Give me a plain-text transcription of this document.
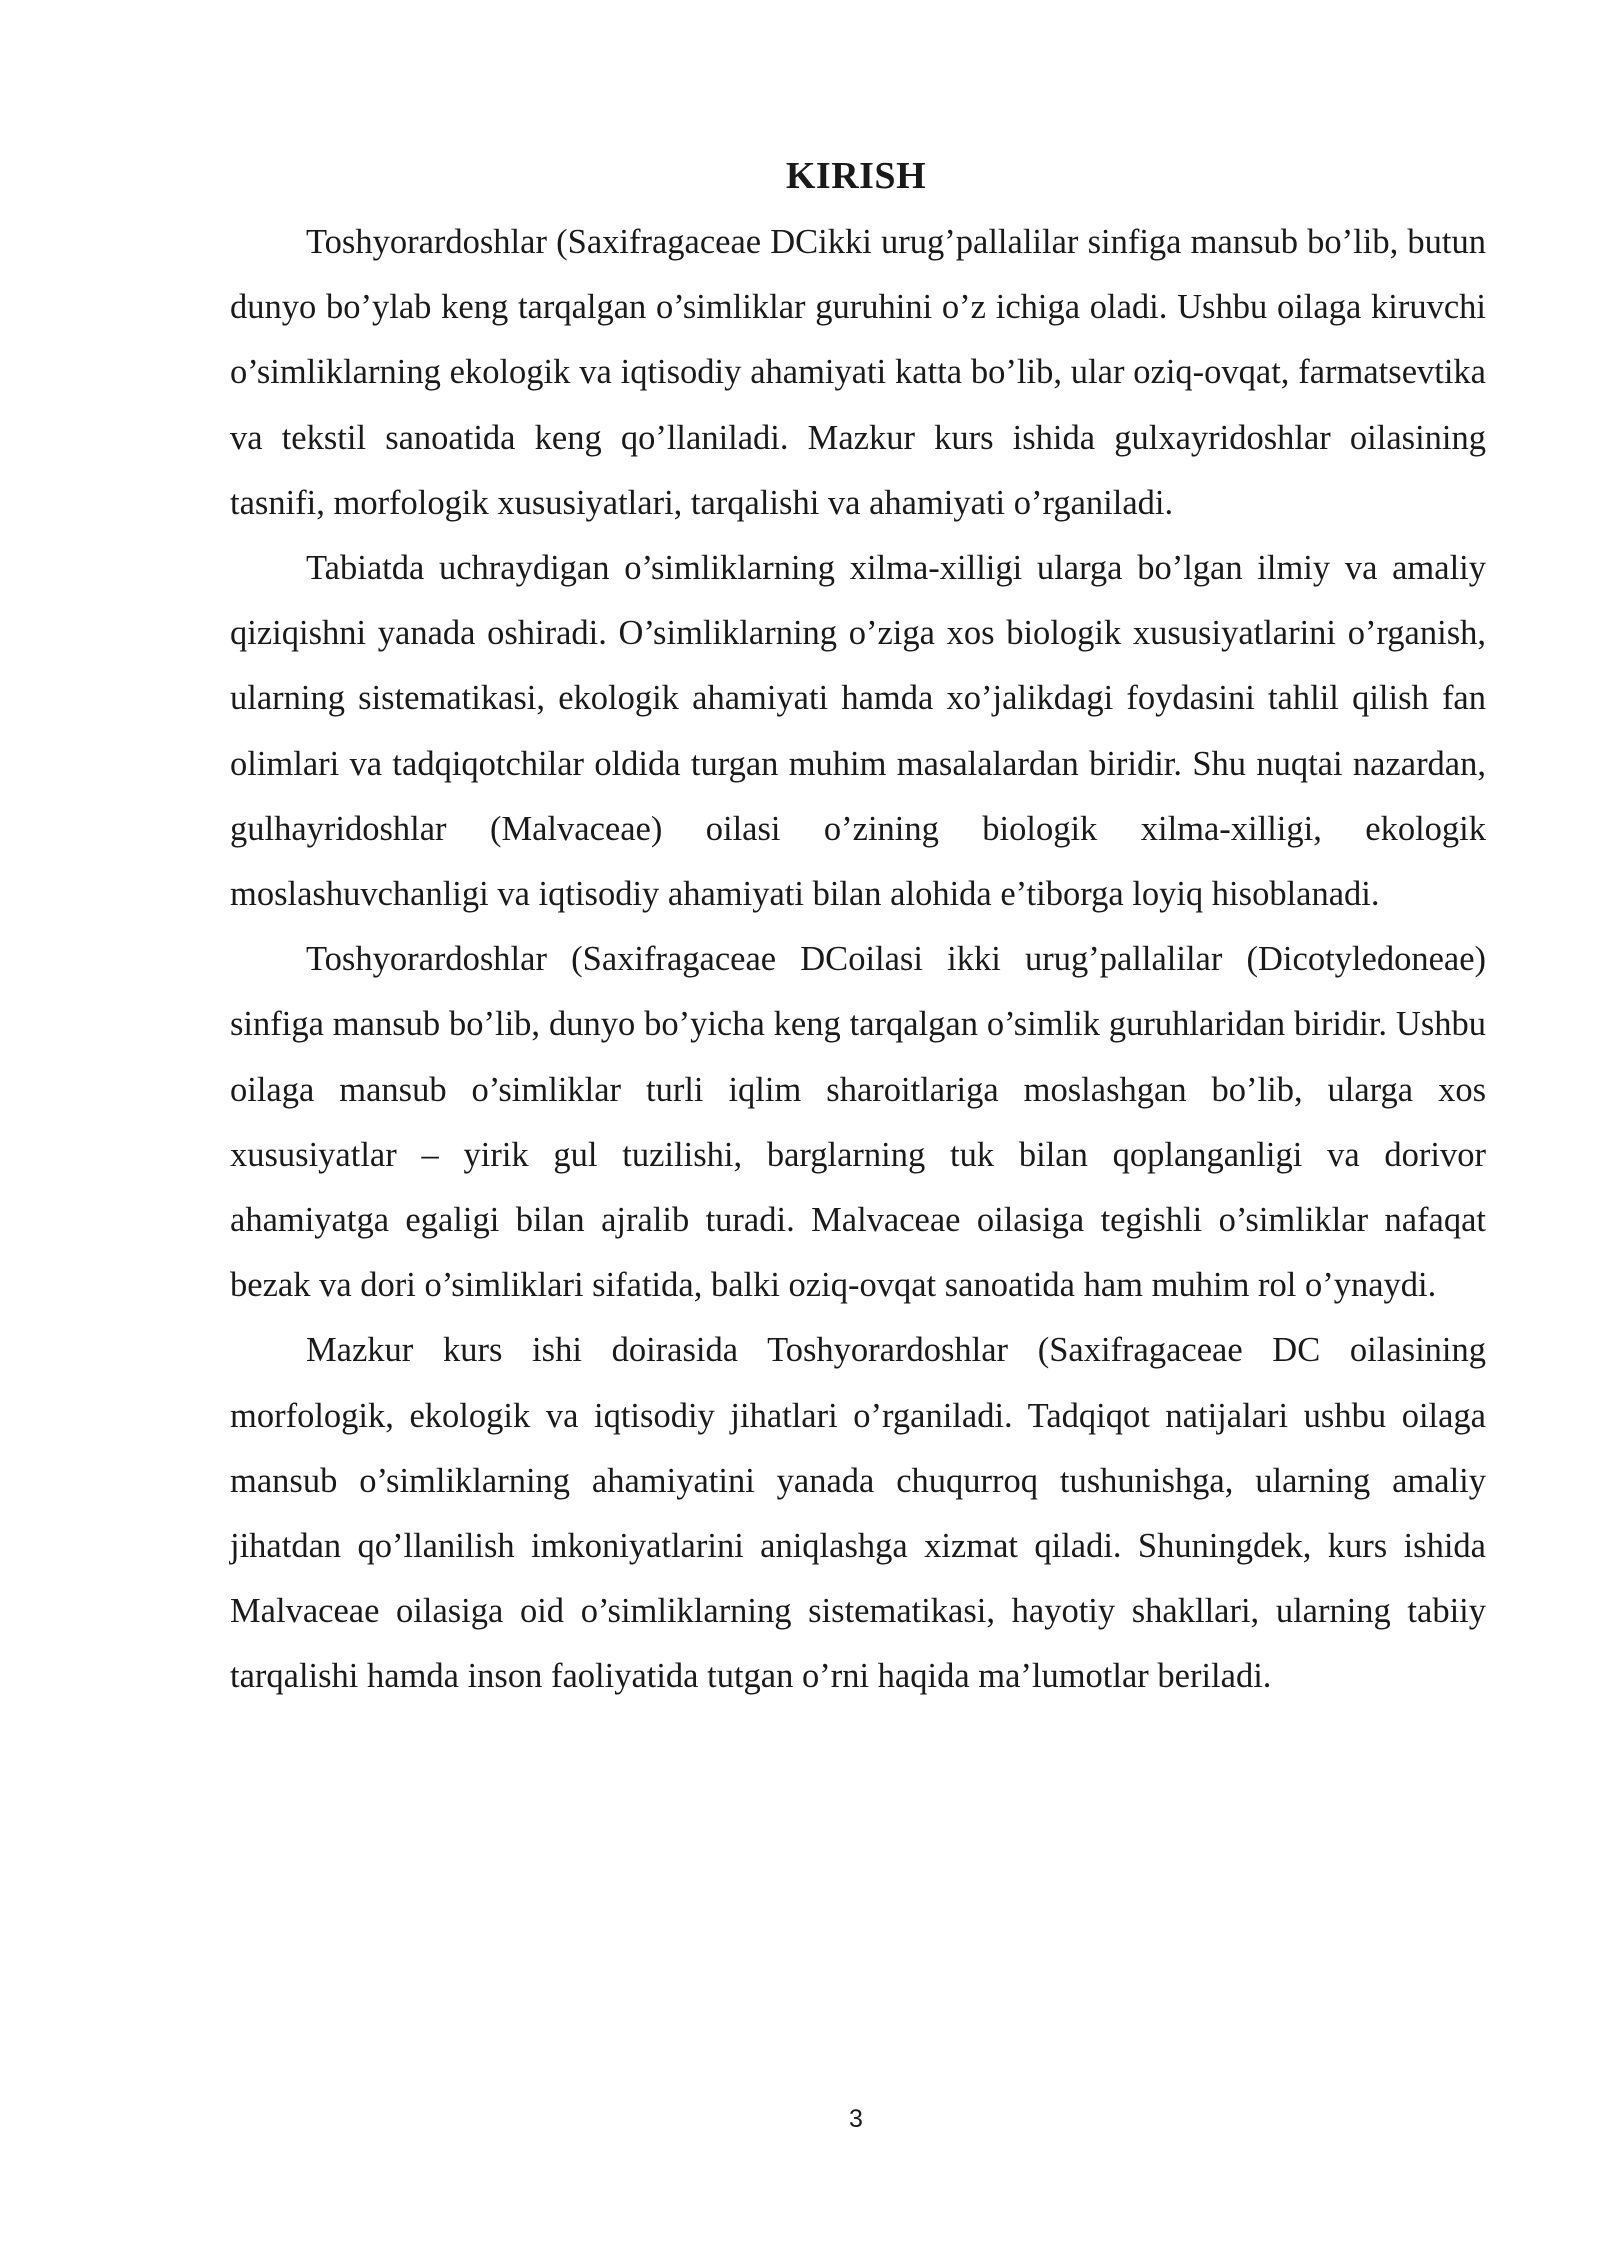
KIRISH

Toshyorardoshlar (Saxifragaceae DCikki urug’pallalilar sinfiga mansub bo’lib, butun dunyo bo’ylab keng tarqalgan o’simliklar guruhini o’z ichiga oladi. Ushbu oilaga kiruvchi o’simliklarning ekologik va iqtisodiy ahamiyati katta bo’lib, ular oziq-ovqat, farmatsevtika va tekstil sanoatida keng qo’llaniladi. Mazkur kurs ishida gulxayridoshlar oilasining tasnifi, morfologik xususiyatlari, tarqalishi va ahamiyati o’rganiladi.

Tabiatda uchraydigan o’simliklarning xilma-xilligi ularga bo’lgan ilmiy va amaliy qiziqishni yanada oshiradi. O’simliklarning o’ziga xos biologik xususiyatlarini o’rganish, ularning sistematikasi, ekologik ahamiyati hamda xo’jalikdagi foydasini tahlil qilish fan olimlari va tadqiqotchilar oldida turgan muhim masalalardan biridir. Shu nuqtai nazardan, gulhayridoshlar (Malvaceae) oilasi o’zining biologik xilma-xilligi, ekologik moslashuvchanligi va iqtisodiy ahamiyati bilan alohida e’tiborga loyiq hisoblanadi.

Toshyorardoshlar (Saxifragaceae DCoilasi ikki urug’pallalilar (Dicotyledoneae) sinfiga mansub bo’lib, dunyo bo’yicha keng tarqalgan o’simlik guruhlaridan biridir. Ushbu oilaga mansub o’simliklar turli iqlim sharoitlariga moslashgan bo’lib, ularga xos xususiyatlar – yirik gul tuzilishi, barglarning tuk bilan qoplanganligi va dorivor ahamiyatga egaligi bilan ajralib turadi. Malvaceae oilasiga tegishli o’simliklar nafaqat bezak va dori o’simliklari sifatida, balki oziq-ovqat sanoatida ham muhim rol o’ynaydi.

Mazkur kurs ishi doirasida Toshyorardoshlar (Saxifragaceae DC oilasining morfologik, ekologik va iqtisodiy jihatlari o’rganiladi. Tadqiqot natijalari ushbu oilaga mansub o’simliklarning ahamiyatini yanada chuqurroq tushunishga, ularning amaliy jihatdan qo’llanilish imkoniyatlarini aniqlashga xizmat qiladi. Shuningdek, kurs ishida Malvaceae oilasiga oid o’simliklarning sistematikasi, hayotiy shakllari, ularning tabiiy tarqalishi hamda inson faoliyatida tutgan o’rni haqida ma’lumotlar beriladi.

3
